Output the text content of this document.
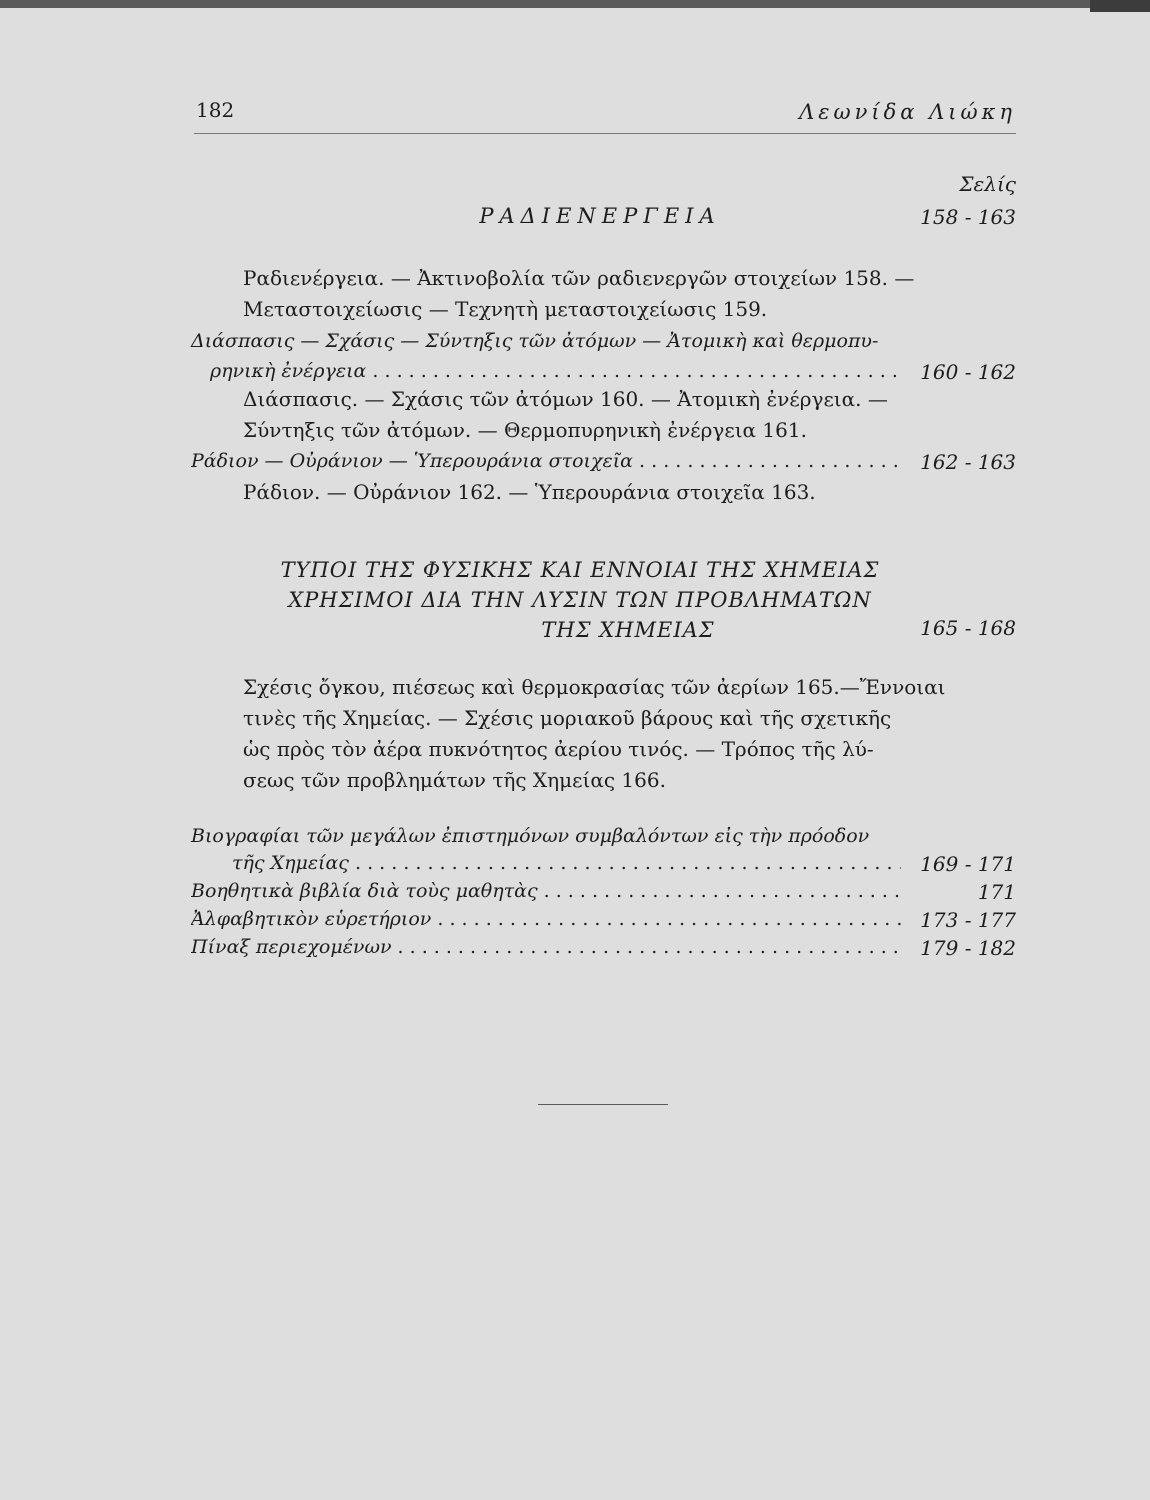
182	Λεωνίδα Λιώκη
Σελίς
ΡΑΔΙΕΝΕΡΓΕΙΑ	158 - 163
Ραδιενέργεια. — Ἀκτινοβολία τῶν ραδιενεργῶν στοιχείων 158. —
Μεταστοιχείωσις — Τεχνητὴ μεταστοιχείωσις 159.
Διάσπασις — Σχάσις — Σύντηξις τῶν ἀτόμων — Ἀτομικὴ καὶ θερμοπυ-
ρηνικὴ ἐνέργεια . . .	160 - 162
Διάσπασις. — Σχάσις τῶν ἀτόμων 160. — Ἀτομικὴ ἐνέργεια. —
Σύντηξις τῶν ἀτόμων. — Θερμοπυρηνικὴ ἐνέργεια 161.
Ράδιον — Οὐράνιον — Ὑπερουράνια στοιχεῖα . . .	162 - 163
Ράδιον. — Οὐράνιον 162. — Ὑπερουράνια στοιχεῖα 163.
ΤΥΠΟΙ ΤΗΣ ΦΥΣΙΚΗΣ ΚΑΙ ΕΝΝΟΙΑΙ ΤΗΣ ΧΗΜΕΙΑΣ
ΧΡΗΣΙΜΟΙ ΔΙΑ ΤΗΝ ΛΥΣΙΝ ΤΩΝ ΠΡΟΒΛΗΜΑΤΩΝ
ΤΗΣ ΧΗΜΕΙΑΣ	165 - 168
Σχέσις ὄγκου, πιέσεως καὶ θερμοκρασίας τῶν ἀερίων 165.—Ἔννοιαι
τινὲς τῆς Χημείας. — Σχέσις μοριακοῦ βάρους καὶ τῆς σχετικῆς
ὡς πρὸς τὸν ἀέρα πυκνότητος ἀερίου τινός. — Τρόπος τῆς λύ-
σεως τῶν προβλημάτων τῆς Χημείας 166.
Βιογραφίαι τῶν μεγάλων ἐπιστημόνων συμβαλόντων εἰς τὴν πρόοδον
τῆς Χημείας . . .	169 - 171
Βοηθητικὰ βιβλία διὰ τοὺς μαθητὰς . . .	171
Ἀλφαβητικὸν εὑρετήριον . . .	173 - 177
Πίναξ περιεχομένων . . .	179 - 182
